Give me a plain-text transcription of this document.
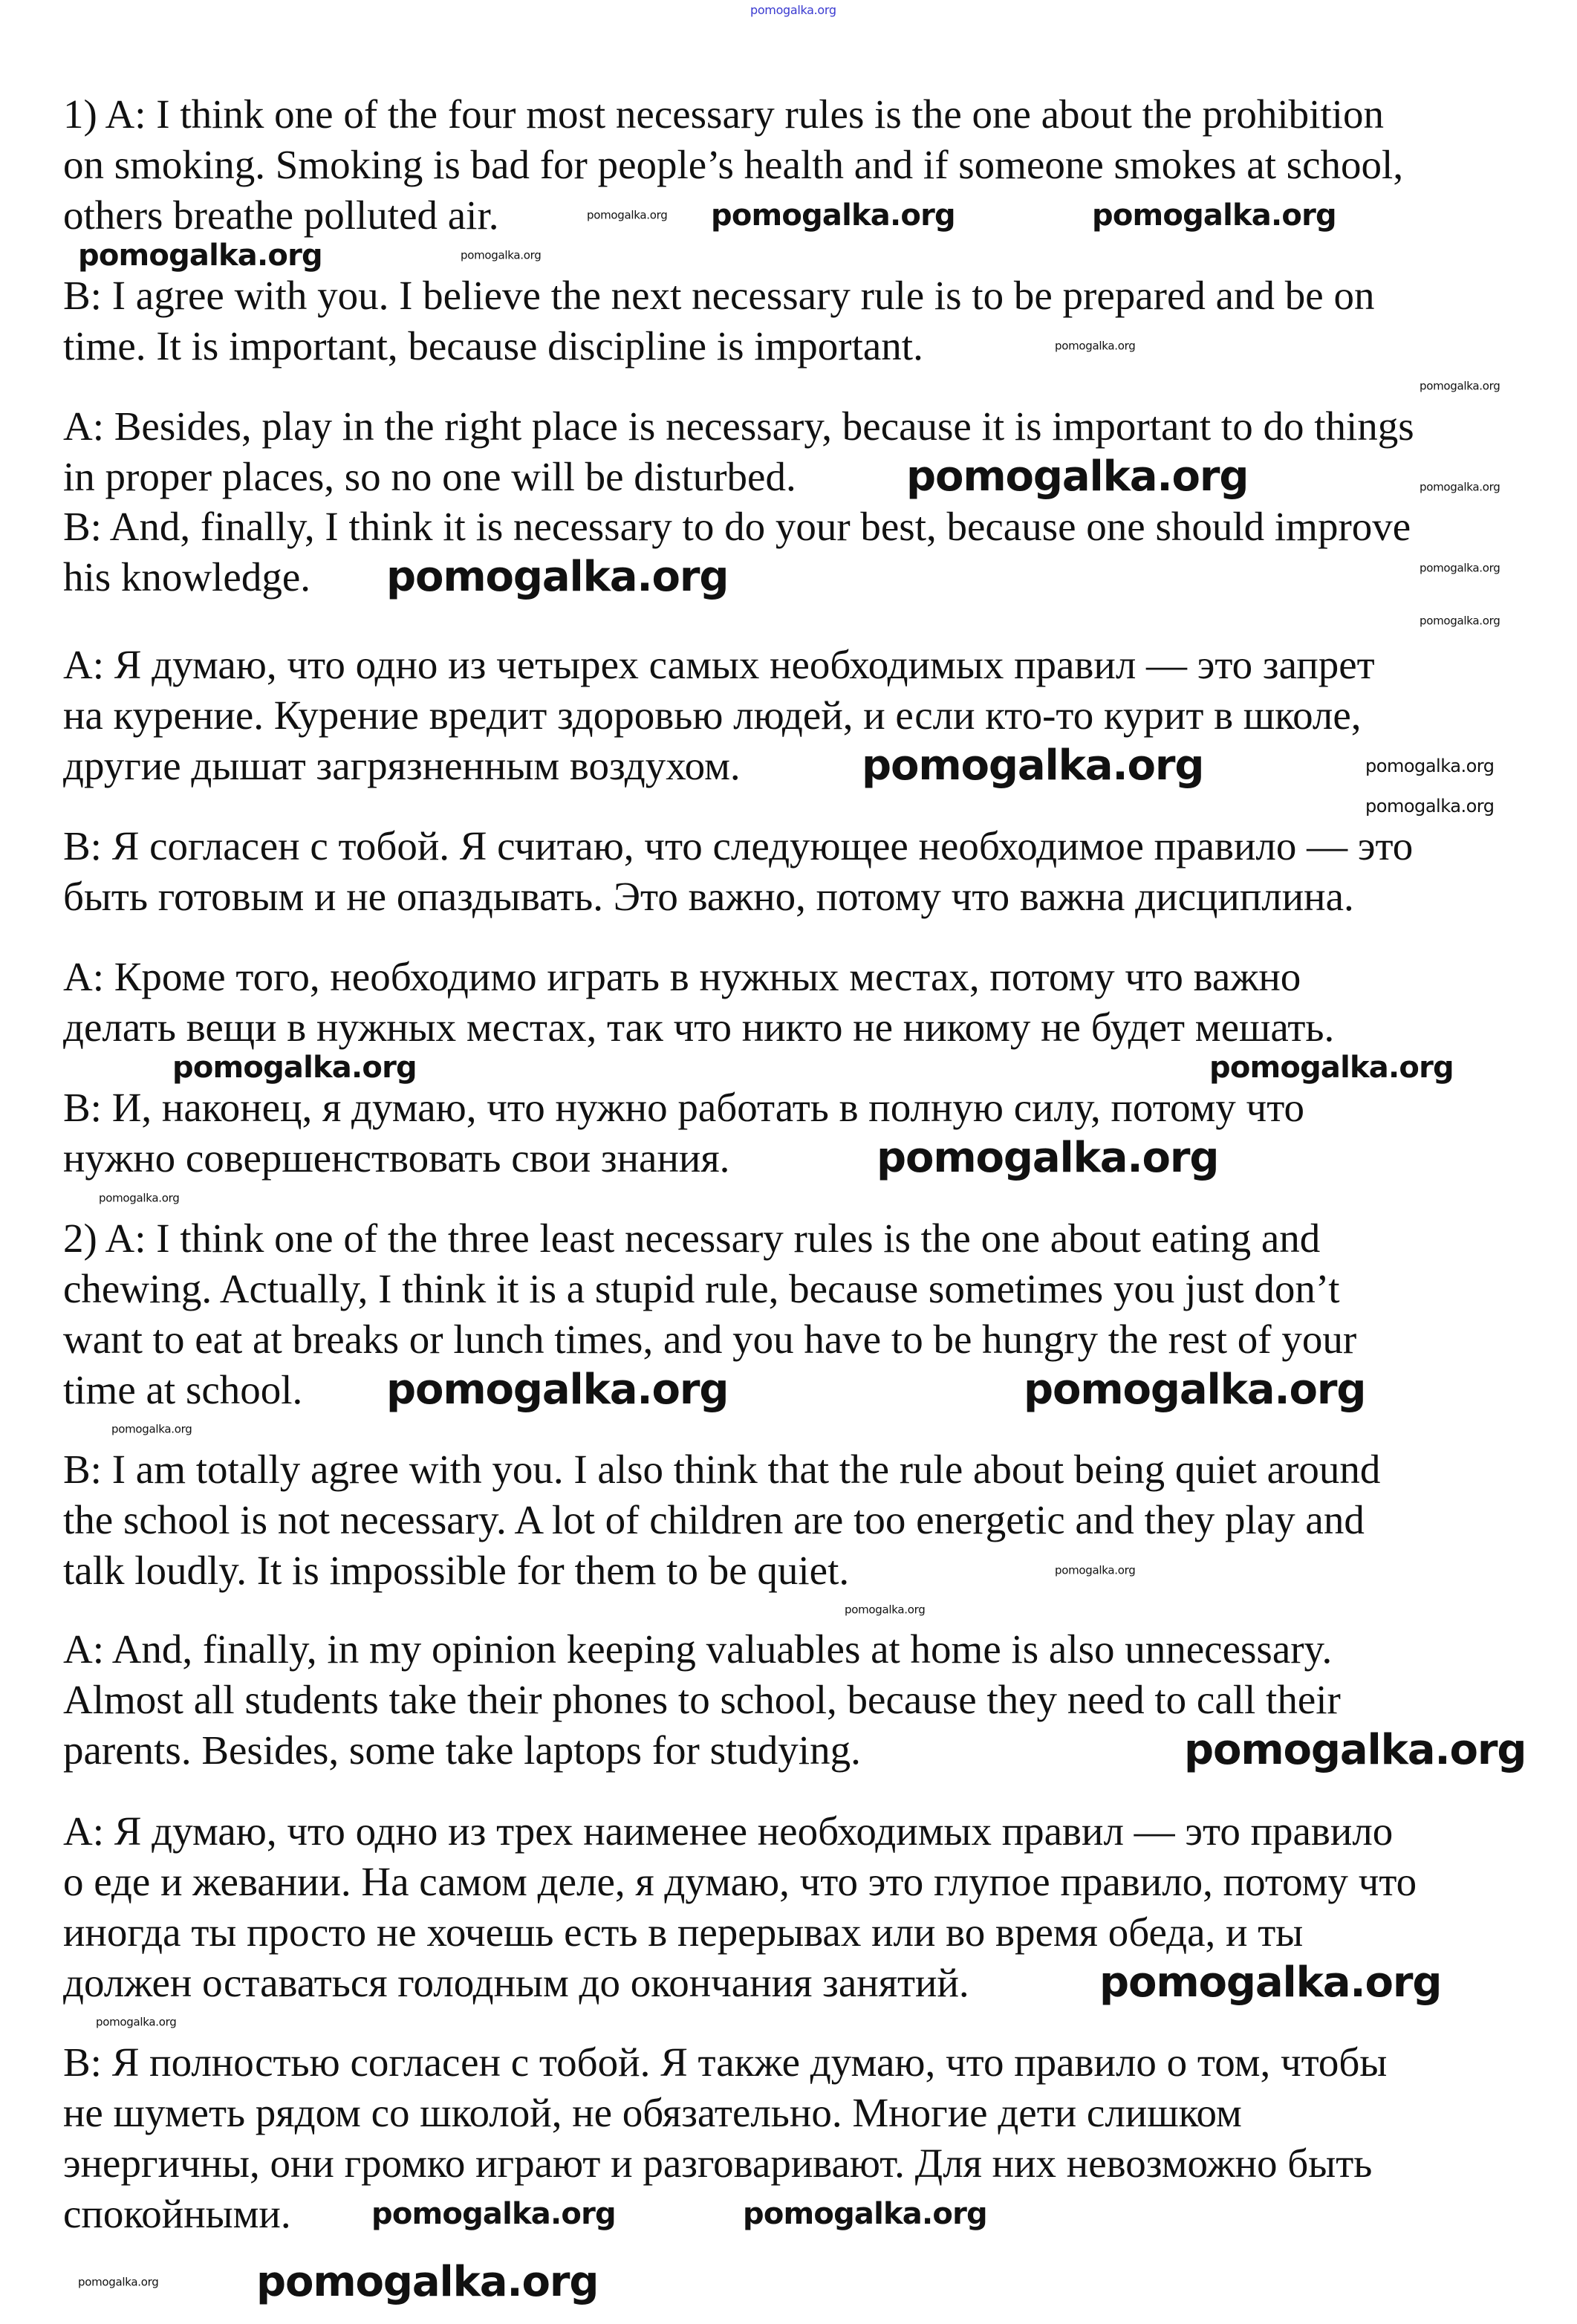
1) A: I think one of the four most necessary rules is the one about the prohibition
on smoking. Smoking is bad for people’s health and if someone smokes at school,
others breathe polluted air.
B: I agree with you. I believe the next necessary rule is to be prepared and be on
time. It is important, because discipline is important.
A: Besides, play in the right place is necessary, because it is important to do things
in proper places, so no one will be disturbed.
B: And, finally, I think it is necessary to do your best, because one should improve
his knowledge.
A: Я думаю, что одно из четырех самых необходимых правил — это запрет
на курение. Курение вредит здоровью людей, и если кто-то курит в школе,
другие дышат загрязненным воздухом.
B: Я согласен с тобой. Я считаю, что следующее необходимое правило — это
быть готовым и не опаздывать. Это важно, потому что важна дисциплина.
A: Кроме того, необходимо играть в нужных местах, потому что важно
делать вещи в нужных местах, так что никто не никому не будет мешать.
B: И, наконец, я думаю, что нужно работать в полную силу, потому что
нужно совершенствовать свои знания.
2) A: I think one of the three least necessary rules is the one about eating and
chewing. Actually, I think it is a stupid rule, because sometimes you just don’t
want to eat at breaks or lunch times, and you have to be hungry the rest of your
time at school.
B: I am totally agree with you. I also think that the rule about being quiet around
the school is not necessary. A lot of children are too energetic and they play and
talk loudly. It is impossible for them to be quiet.
A: And, finally, in my opinion keeping valuables at home is also unnecessary.
Almost all students take their phones to school, because they need to call their
parents. Besides, some take laptops for studying.
A: Я думаю, что одно из трех наименее необходимых правил — это правило
о еде и жевании. На самом деле, я думаю, что это глупое правило, потому что
иногда ты просто не хочешь есть в перерывах или во время обеда, и ты
должен оставаться голодным до окончания занятий.
B: Я полностью согласен с тобой. Я также думаю, что правило о том, чтобы
не шуметь рядом со школой, не обязательно. Многие дети слишком
энергичны, они громко играют и разговаривают. Для них невозможно быть
спокойными.
pomogalka.org
pomogalka.org pomogalka.org	pomogalka.org
pomogalka.org	pomogalka.org
pomogalka.org
pomogalka.org
pomogalka.org	pomogalka.org
pomogalka.org
pomogalka.org
pomogalka.org
pomogalka.org
pomogalka.org
pomogalka.org
pomogalka.org
pomogalka.org
pomogalka.org
pomogalka.org
pomogalka.org	pomogalka.org
pomogalka.org
pomogalka.org
pomogalka.org
pomogalka.org
pomogalka.org
pomogalka.org
pomogalka.org
pomogalka.org
pomogalka.org
pomogalka.org
